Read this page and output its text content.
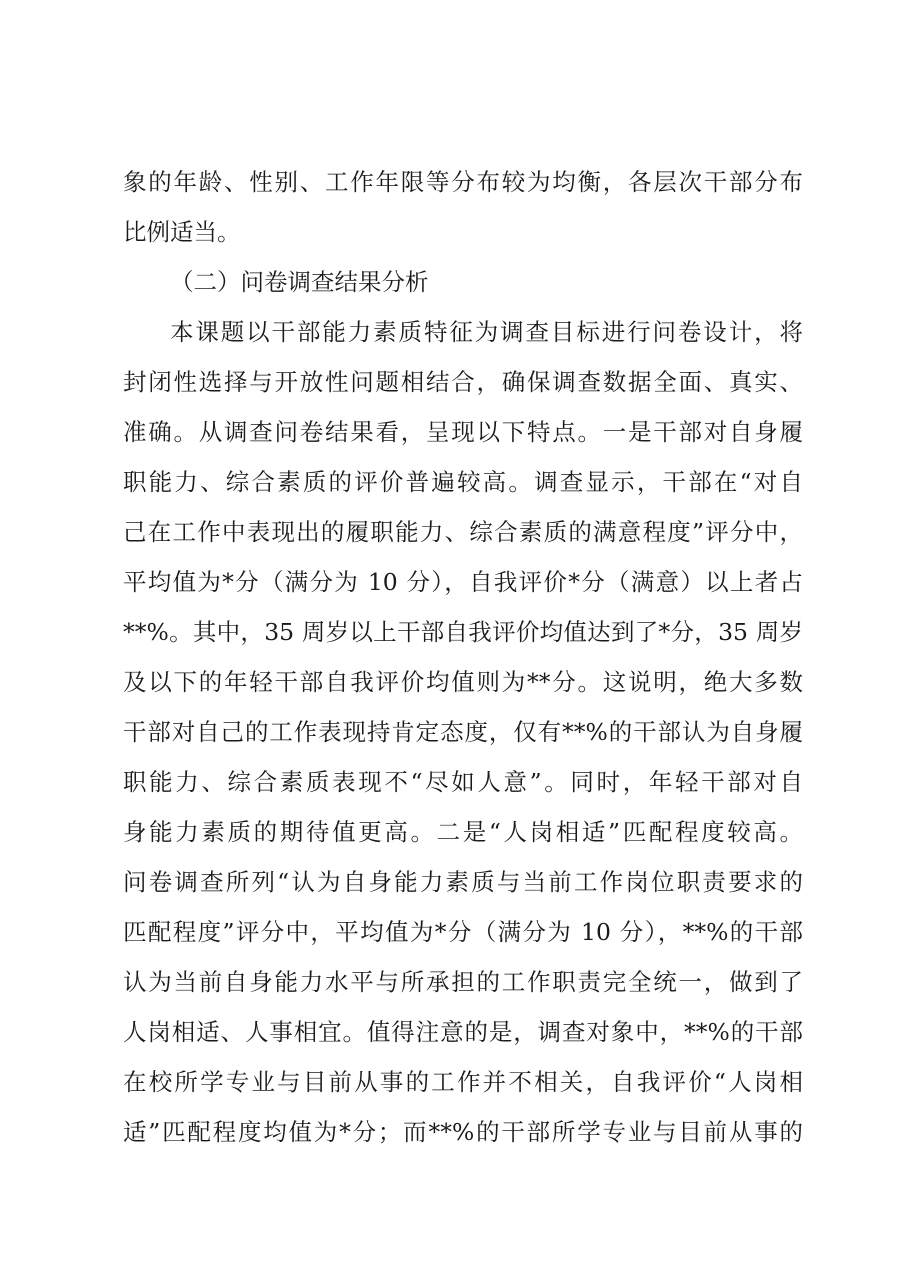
象的年龄、性别、工作年限等分布较为均衡，各层次干部分布
比例适当。
（二）问卷调查结果分析
本课题以干部能力素质特征为调查目标进行问卷设计，将
封闭性选择与开放性问题相结合，确保调查数据全面、真实、
准确。从调查问卷结果看，呈现以下特点。一是干部对自身履
职能力、综合素质的评价普遍较高。调查显示，干部在“对自
己在工作中表现出的履职能力、综合素质的满意程度”评分中，
平均值为*分（满分为 10 分），自我评价*分（满意）以上者占
**%。其中，35 周岁以上干部自我评价均值达到了*分，35 周岁
及以下的年轻干部自我评价均值则为**分。这说明，绝大多数
干部对自己的工作表现持肯定态度，仅有**%的干部认为自身履
职能力、综合素质表现不“尽如人意”。同时，年轻干部对自
身能力素质的期待值更高。二是“人岗相适”匹配程度较高。
问卷调查所列“认为自身能力素质与当前工作岗位职责要求的
匹配程度”评分中，平均值为*分（满分为 10 分），**%的干部
认为当前自身能力水平与所承担的工作职责完全统一，做到了
人岗相适、人事相宜。值得注意的是，调查对象中，**%的干部
在校所学专业与目前从事的工作并不相关，自我评价“人岗相
适”匹配程度均值为*分；而**%的干部所学专业与目前从事的
